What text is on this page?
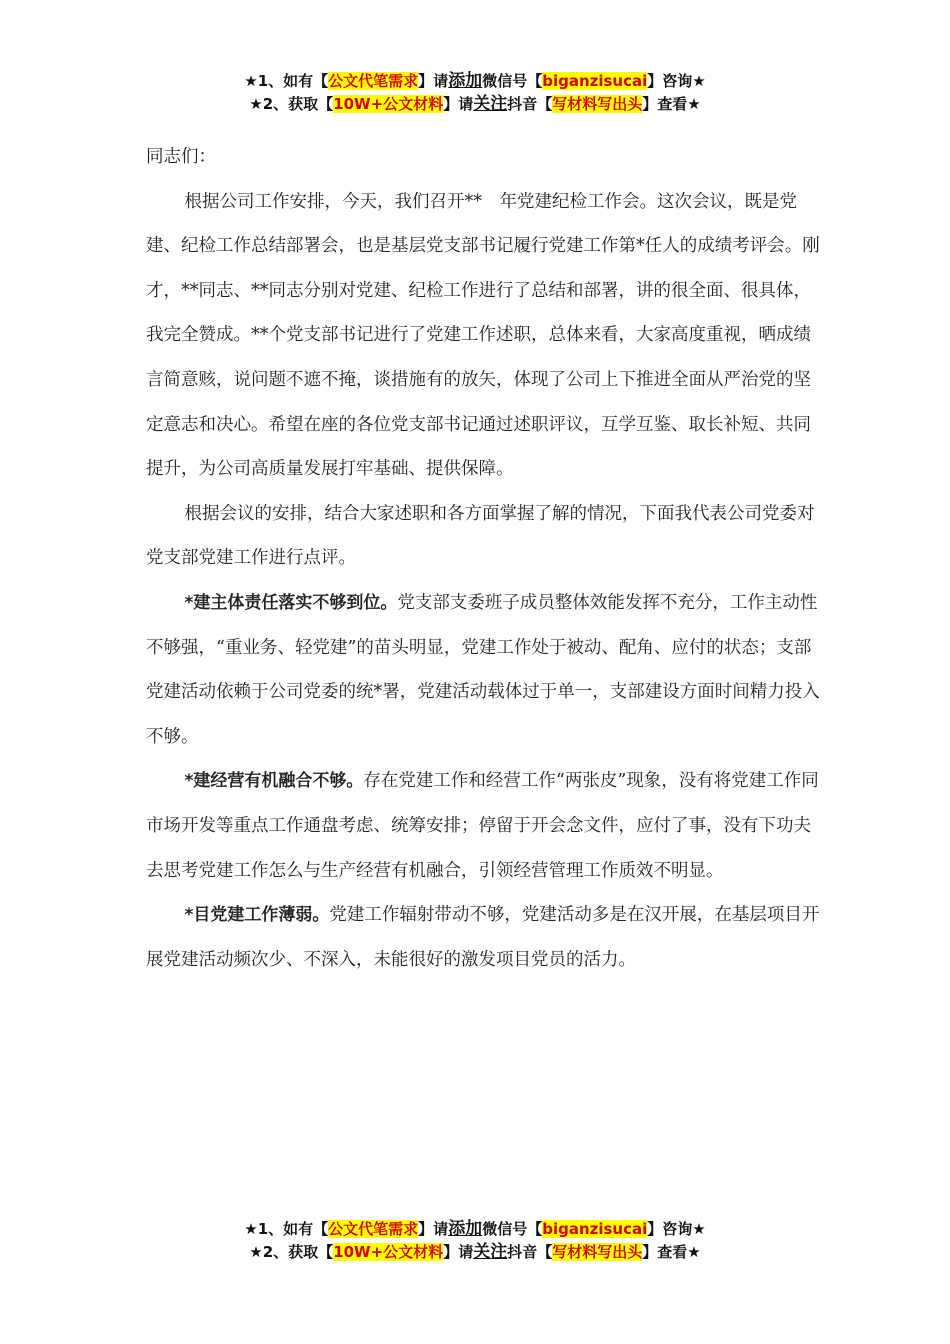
★1、如有【公文代笔需求】请添加微信号【biganzisucai】咨询★
★2、获取【10W+公文材料】请关注抖音【写材料写出头】查看★

同志们：

根据公司工作安排，今天，我们召开**　年党建纪检工作会。这次会议，既是党建、纪检工作总结部署会，也是基层党支部书记履行党建工作第*任人的成绩考评会。刚才，**同志、**同志分别对党建、纪检工作进行了总结和部署，讲的很全面、很具体，我完全赞成。**个党支部书记进行了党建工作述职，总体来看，大家高度重视，晒成绩言简意赅，说问题不遮不掩，谈措施有的放矢，体现了公司上下推进全面从严治党的坚定意志和决心。希望在座的各位党支部书记通过述职评议，互学互鉴、取长补短、共同提升，为公司高质量发展打牢基础、提供保障。

根据会议的安排，结合大家述职和各方面掌握了解的情况，下面我代表公司党委对党支部党建工作进行点评。

*建主体责任落实不够到位。党支部支委班子成员整体效能发挥不充分，工作主动性不够强，“重业务、轻党建”的苗头明显，党建工作处于被动、配角、应付的状态；支部党建活动依赖于公司党委的统*署，党建活动载体过于单一，支部建设方面时间精力投入不够。

*建经营有机融合不够。存在党建工作和经营工作“两张皮”现象，没有将党建工作同市场开发等重点工作通盘考虑、统筹安排；停留于开会念文件，应付了事，没有下功夫去思考党建工作怎么与生产经营有机融合，引领经营管理工作质效不明显。

*目党建工作薄弱。党建工作辐射带动不够，党建活动多是在汉开展，在基层项目开展党建活动频次少、不深入，未能很好的激发项目党员的活力。

★1、如有【公文代笔需求】请添加微信号【biganzisucai】咨询★
★2、获取【10W+公文材料】请关注抖音【写材料写出头】查看★
